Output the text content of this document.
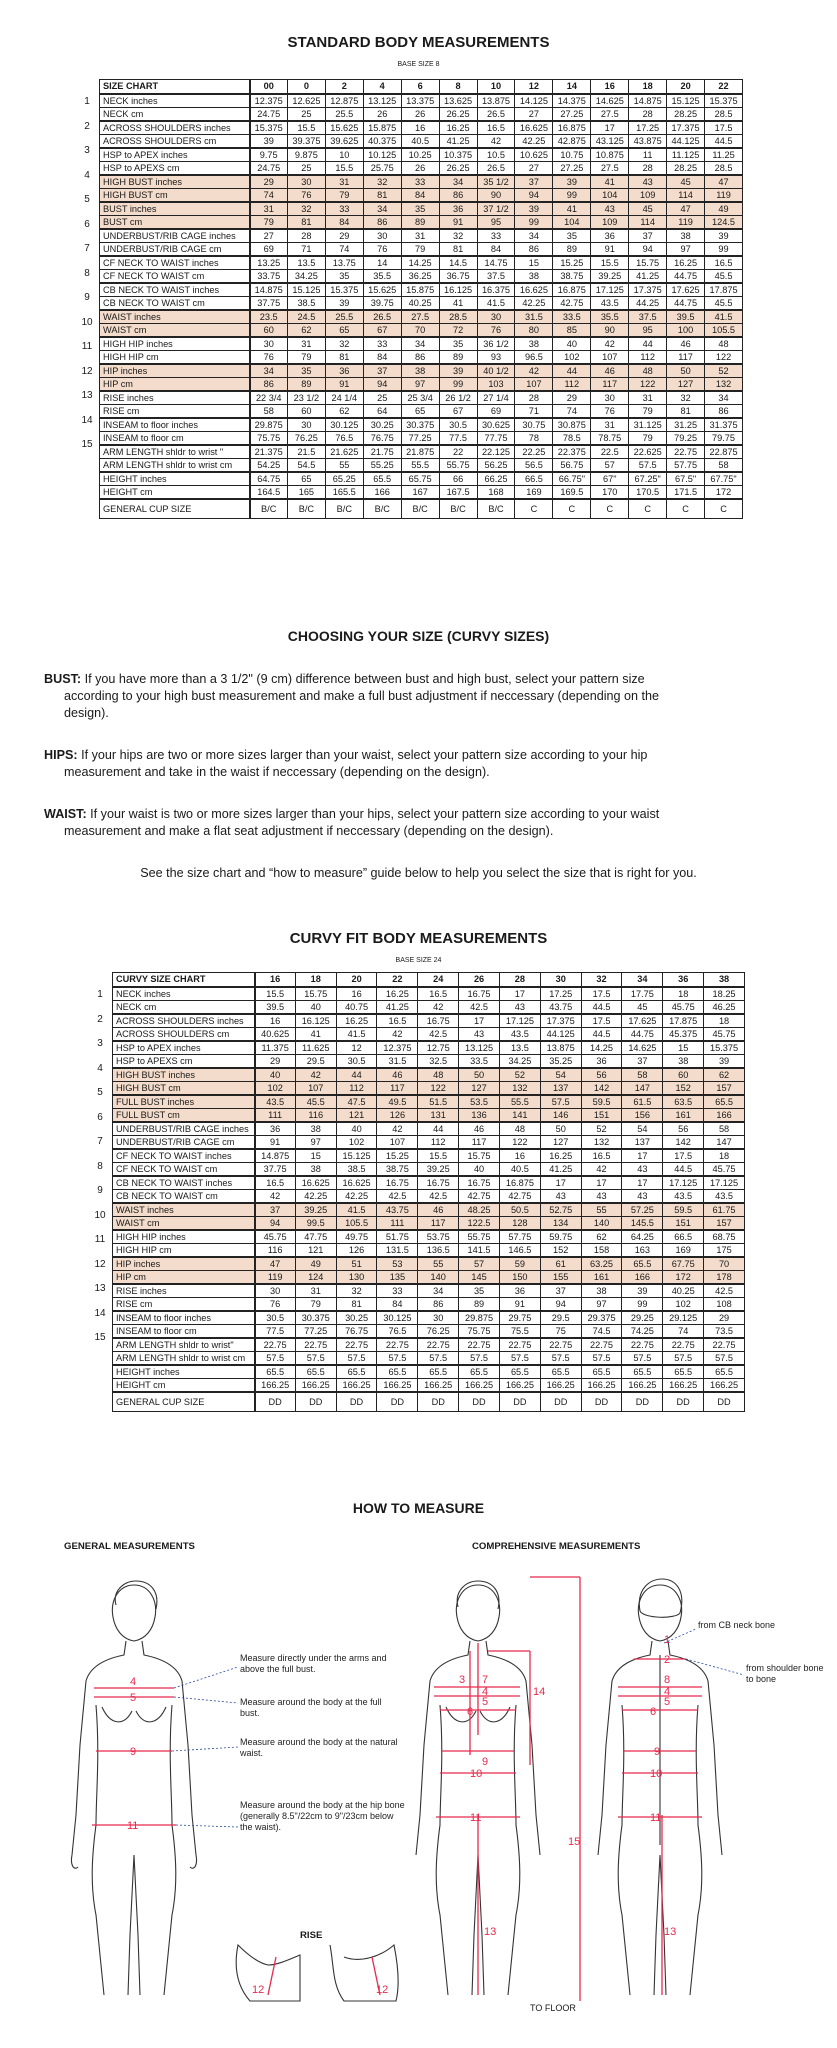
STANDARD BODY MEASUREMENTS
BASE SIZE 8
SIZE CHART	00	0	2	4	6	8	10	12	14	16	18	20	22
NECK inches	12.375	12.625	12.875	13.125	13.375	13.625	13.875	14.125	14.375	14.625	14.875	15.125	15.375
NECK cm	24.75	25	25.5	26	26	26.25	26.5	27	27.25	27.5	28	28.25	28.5
ACROSS SHOULDERS inches	15.375	15.5	15.625	15.875	16	16.25	16.5	16.625	16.875	17	17.25	17.375	17.5
ACROSS SHOULDERS cm	39	39.375	39.625	40.375	40.5	41.25	42	42.25	42.875	43.125	43.875	44.125	44.5
HSP to APEX inches	9.75	9.875	10	10.125	10.25	10.375	10.5	10.625	10.75	10.875	11	11.125	11.25
HSP to APEXS cm	24.75	25	15.5	25.75	26	26.25	26.5	27	27.25	27.5	28	28.25	28.5
HIGH BUST inches	29	30	31	32	33	34	35 1/2	37	39	41	43	45	47
HIGH BUST cm	74	76	79	81	84	86	90	94	99	104	109	114	119
BUST inches	31	32	33	34	35	36	37 1/2	39	41	43	45	47	49
BUST cm	79	81	84	86	89	91	95	99	104	109	114	119	124.5
UNDERBUST/RIB CAGE inches	27	28	29	30	31	32	33	34	35	36	37	38	39
UNDERBUST/RIB CAGE cm	69	71	74	76	79	81	84	86	89	91	94	97	99
CF NECK TO WAIST inches	13.25	13.5	13.75	14	14.25	14.5	14.75	15	15.25	15.5	15.75	16.25	16.5
CF NECK TO WAIST cm	33.75	34.25	35	35.5	36.25	36.75	37.5	38	38.75	39.25	41.25	44.75	45.5
CB NECK TO WAIST inches	14.875	15.125	15.375	15.625	15.875	16.125	16.375	16.625	16.875	17.125	17.375	17.625	17.875
CB NECK TO WAIST cm	37.75	38.5	39	39.75	40.25	41	41.5	42.25	42.75	43.5	44.25	44.75	45.5
WAIST inches	23.5	24.5	25.5	26.5	27.5	28.5	30	31.5	33.5	35.5	37.5	39.5	41.5
WAIST cm	60	62	65	67	70	72	76	80	85	90	95	100	105.5
HIGH HIP inches	30	31	32	33	34	35	36 1/2	38	40	42	44	46	48
HIGH HIP cm	76	79	81	84	86	89	93	96.5	102	107	112	117	122
HIP inches	34	35	36	37	38	39	40 1/2	42	44	46	48	50	52
HIP cm	86	89	91	94	97	99	103	107	112	117	122	127	132
RISE inches	22 3/4	23 1/2	24 1/4	25	25 3/4	26 1/2	27 1/4	28	29	30	31	32	34
RISE cm	58	60	62	64	65	67	69	71	74	76	79	81	86
INSEAM to floor inches	29.875	30	30.125	30.25	30.375	30.5	30.625	30.75	30.875	31	31.125	31.25	31.375
INSEAM to floor cm	75.75	76.25	76.5	76.75	77.25	77.5	77.75	78	78.5	78.75	79	79.25	79.75
ARM LENGTH shldr to wrist "	21.375	21.5	21.625	21.75	21.875	22	22.125	22.25	22.375	22.5	22.625	22.75	22.875
ARM LENGTH shldr to wrist cm	54.25	54.5	55	55.25	55.5	55.75	56.25	56.5	56.75	57	57.5	57.75	58
HEIGHT inches	64.75	65	65.25	65.5	65.75	66	66.25	66.5	66.75"	67"	67.25"	67.5"	67.75"
HEIGHT cm	164.5	165	165.5	166	167	167.5	168	169	169.5	170	170.5	171.5	172
GENERAL CUP SIZE	B/C	B/C	B/C	B/C	B/C	B/C	B/C	C	C	C	C	C	C
CHOOSING YOUR SIZE (CURVY SIZES)
BUST: If you have more than a 3 1/2" (9 cm) difference between bust and high bust, select your pattern size
according to your high bust measurement and make a full bust adjustment if neccessary (depending on the
design).
HIPS: If your hips are two or more sizes larger than your waist, select your pattern size according to your hip
measurement and take in the waist if neccessary (depending on the design).
WAIST: If your waist is two or more sizes larger than your hips, select your pattern size according to your waist
measurement and make a flat seat adjustment if neccessary (depending on the design).
See the size chart and “how to measure” guide below to help you select the size that is right for you.
CURVY FIT BODY MEASUREMENTS
BASE SIZE 24
CURVY SIZE CHART	16	18	20	22	24	26	28	30	32	34	36	38
NECK inches	15.5	15.75	16	16.25	16.5	16.75	17	17.25	17.5	17.75	18	18.25
NECK cm	39.5	40	40.75	41.25	42	42.5	43	43.75	44.5	45	45.75	46.25
ACROSS SHOULDERS inches	16	16.125	16.25	16.5	16.75	17	17.125	17.375	17.5	17.625	17.875	18
ACROSS SHOULDERS cm	40.625	41	41.5	42	42.5	43	43.5	44.125	44.5	44.75	45.375	45.75
HSP to APEX inches	11.375	11.625	12	12.375	12.75	13.125	13.5	13.875	14.25	14.625	15	15.375
HSP to APEXS cm	29	29.5	30.5	31.5	32.5	33.5	34.25	35.25	36	37	38	39
HIGH BUST inches	40	42	44	46	48	50	52	54	56	58	60	62
HIGH BUST cm	102	107	112	117	122	127	132	137	142	147	152	157
FULL BUST inches	43.5	45.5	47.5	49.5	51.5	53.5	55.5	57.5	59.5	61.5	63.5	65.5
FULL BUST cm	111	116	121	126	131	136	141	146	151	156	161	166
UNDERBUST/RIB CAGE inches	36	38	40	42	44	46	48	50	52	54	56	58
UNDERBUST/RIB CAGE cm	91	97	102	107	112	117	122	127	132	137	142	147
CF NECK TO WAIST inches	14.875	15	15.125	15.25	15.5	15.75	16	16.25	16.5	17	17.5	18
CF NECK TO WAIST cm	37.75	38	38.5	38.75	39.25	40	40.5	41.25	42	43	44.5	45.75
CB NECK TO WAIST inches	16.5	16.625	16.625	16.75	16.75	16.75	16.875	17	17	17	17.125	17.125
CB NECK TO WAIST cm	42	42.25	42.25	42.5	42.5	42.75	42.75	43	43	43	43.5	43.5
WAIST inches	37	39.25	41.5	43.75	46	48.25	50.5	52.75	55	57.25	59.5	61.75
WAIST cm	94	99.5	105.5	111	117	122.5	128	134	140	145.5	151	157
HIGH HIP inches	45.75	47.75	49.75	51.75	53.75	55.75	57.75	59.75	62	64.25	66.5	68.75
HIGH HIP cm	116	121	126	131.5	136.5	141.5	146.5	152	158	163	169	175
HIP inches	47	49	51	53	55	57	59	61	63.25	65.5	67.75	70
HIP cm	119	124	130	135	140	145	150	155	161	166	172	178
RISE inches	30	31	32	33	34	35	36	37	38	39	40.25	42.5
RISE cm	76	79	81	84	86	89	91	94	97	99	102	108
INSEAM to floor inches	30.5	30.375	30.25	30.125	30	29.875	29.75	29.5	29.375	29.25	29.125	29
INSEAM to floor cm	77.5	77.25	76.75	76.5	76.25	75.75	75.5	75	74.5	74.25	74	73.5
ARM LENGTH shldr to wrist"	22.75	22.75	22.75	22.75	22.75	22.75	22.75	22.75	22.75	22.75	22.75	22.75
ARM LENGTH shldr to wrist cm	57.5	57.5	57.5	57.5	57.5	57.5	57.5	57.5	57.5	57.5	57.5	57.5
HEIGHT inches	65.5	65.5	65.5	65.5	65.5	65.5	65.5	65.5	65.5	65.5	65.5	65.5
HEIGHT cm	166.25	166.25	166.25	166.25	166.25	166.25	166.25	166.25	166.25	166.25	166.25	166.25
GENERAL CUP SIZE	DD	DD	DD	DD	DD	DD	DD	DD	DD	DD	DD	DD
HOW TO MEASURE
GENERAL MEASUREMENTS	COMPREHENSIVE MEASUREMENTS
4
5
9
11
3 7
4
5
6
9
10
11
14
13
15
1
2
8
4
5
6
9
10
11
13
12	12
RISE
TO FLOOR
Measure directly under the arms and above the full bust.
Measure around the body at the full bust.
Measure around the body at the natural waist.
Measure around the body at the hip bone (generally 8.5"/22cm to 9"/23cm below the waist).
from CB neck bone
from shoulder bone to bone
1
2
3
4
5
6
7
8
9
10
11
12
13
14
15
1
2
3
4
5
6
7
8
9
10
11
12
13
14
15
